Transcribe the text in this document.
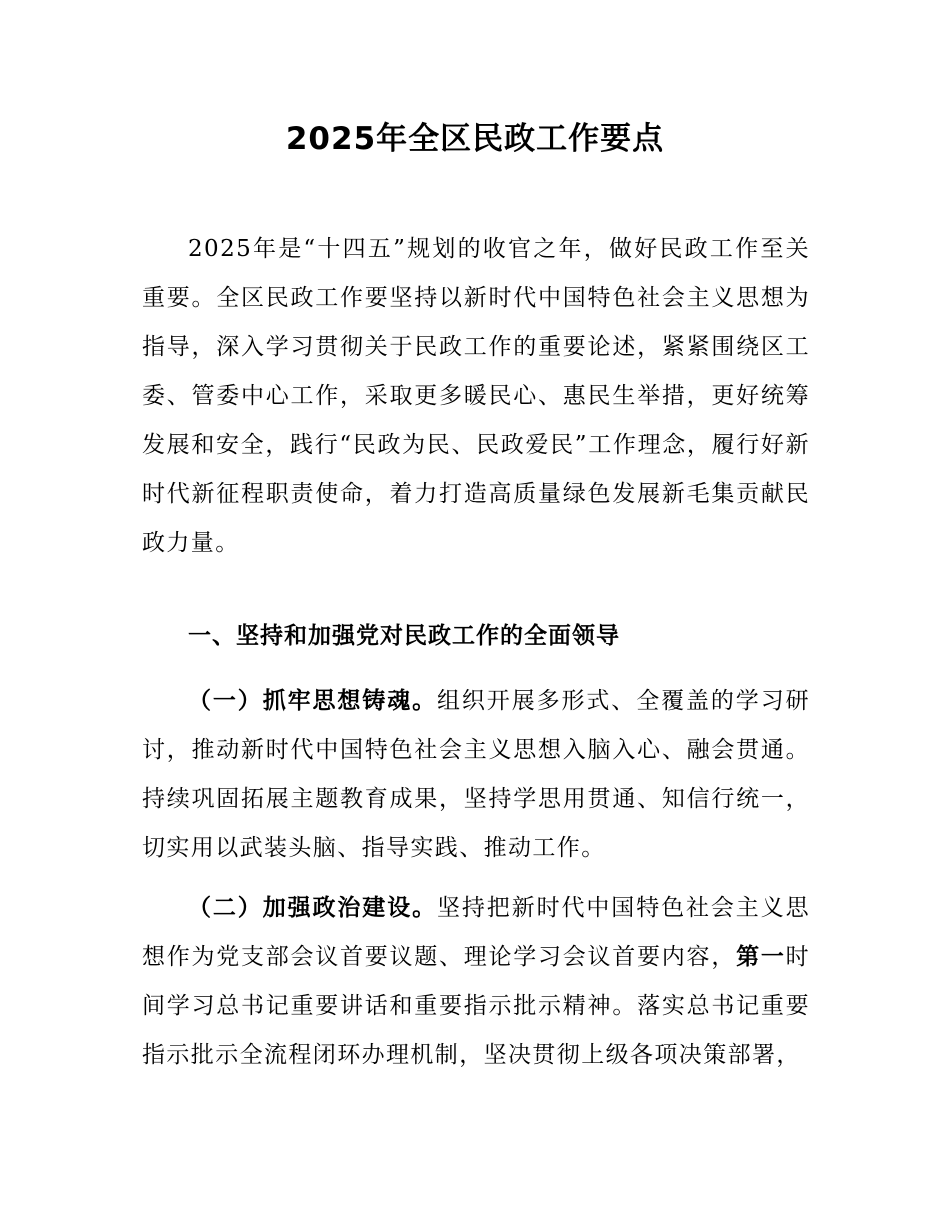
2025年全区民政工作要点

2025年是“十四五”规划的收官之年，做好民政工作至关重要。全区民政工作要坚持以新时代中国特色社会主义思想为指导，深入学习贯彻关于民政工作的重要论述，紧紧围绕区工委、管委中心工作，采取更多暖民心、惠民生举措，更好统筹发展和安全，践行“民政为民、民政爱民”工作理念，履行好新时代新征程职责使命，着力打造高质量绿色发展新毛集贡献民政力量。

一、坚持和加强党对民政工作的全面领导

（一）抓牢思想铸魂。组织开展多形式、全覆盖的学习研讨，推动新时代中国特色社会主义思想入脑入心、融会贯通。持续巩固拓展主题教育成果，坚持学思用贯通、知信行统一，切实用以武装头脑、指导实践、推动工作。

（二）加强政治建设。坚持把新时代中国特色社会主义思想作为党支部会议首要议题、理论学习会议首要内容，第一时间学习总书记重要讲话和重要指示批示精神。落实总书记重要指示批示全流程闭环办理机制，坚决贯彻上级各项决策部署，
